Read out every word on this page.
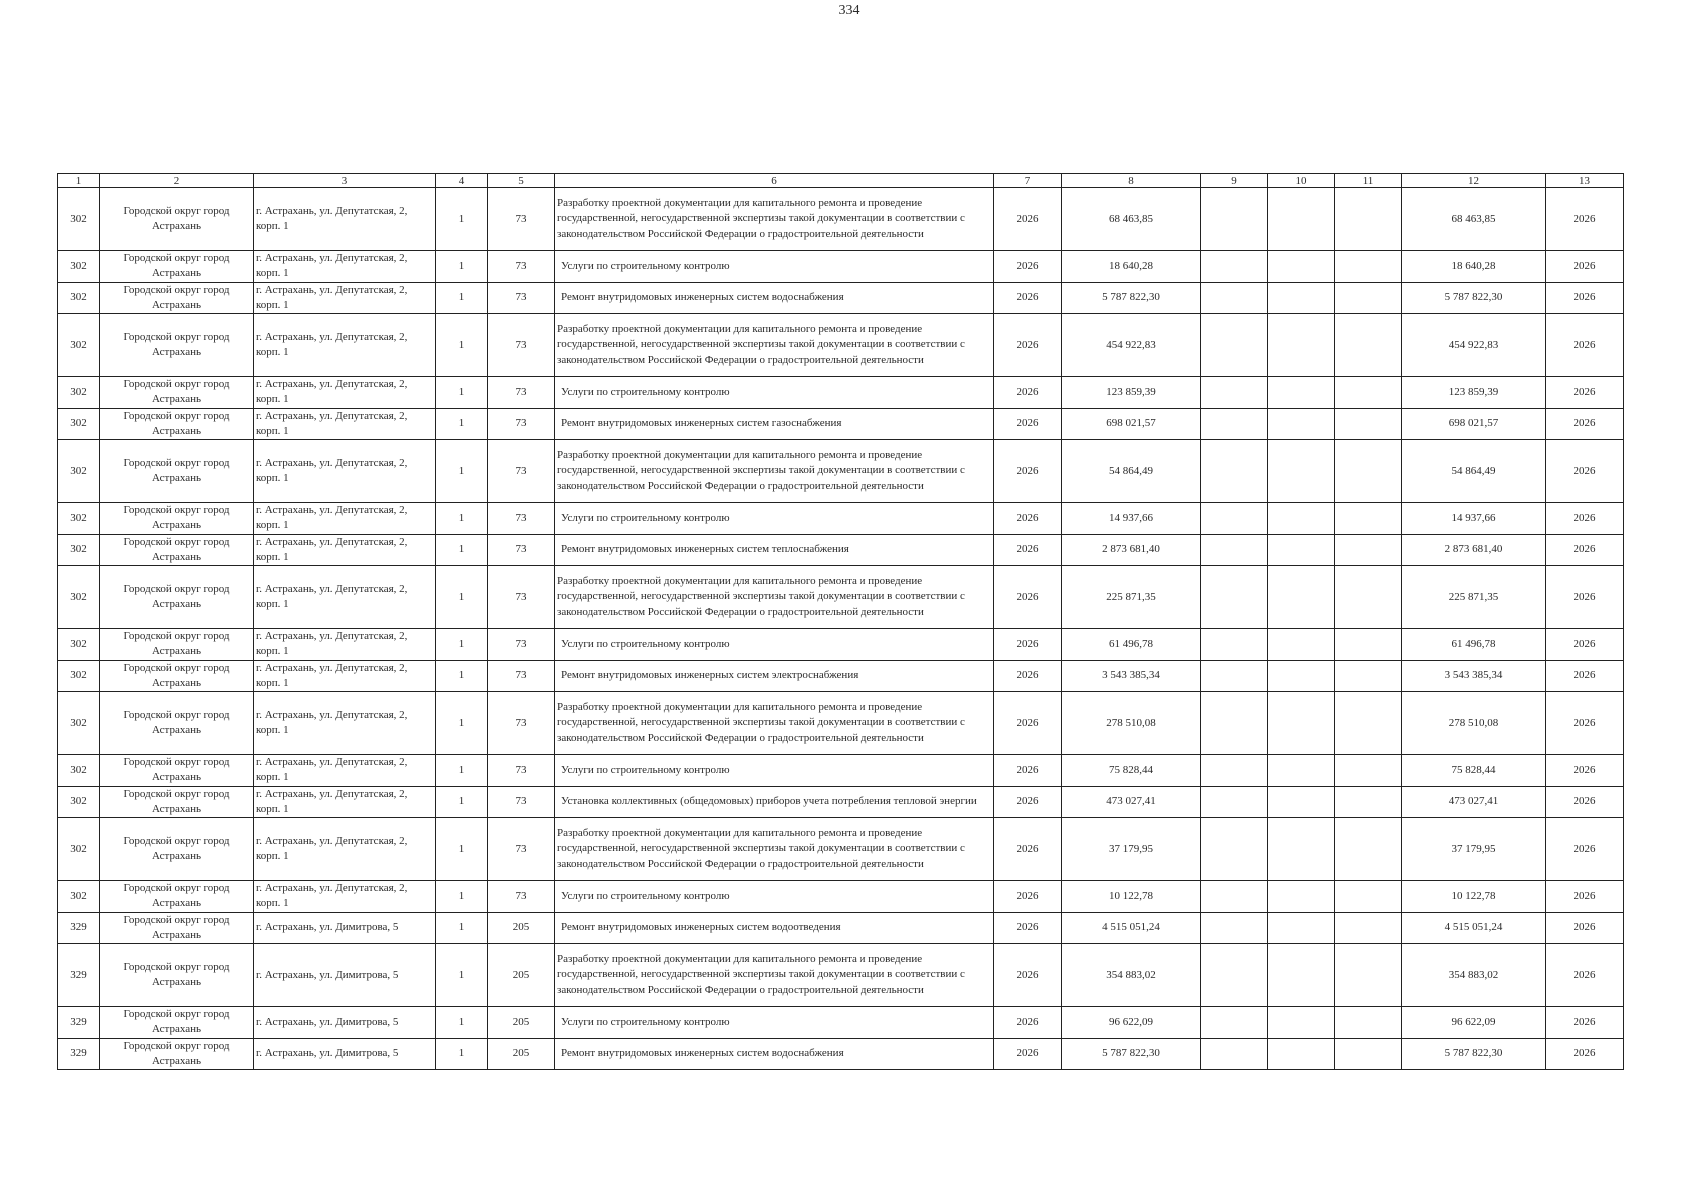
334
1	2	3	4	5	6	7	8	9	10	11	12	13
302	Городской округ город Астрахань	г. Астрахань, ул. Депутатская, 2, корп. 1	1	73	Разработку проектной документации для капитального ремонта и проведение государственной, негосударственной экспертизы такой документации в соответствии с законодательством Российской Федерации о градостроительной деятельности	2026	68 463,85				68 463,85	2026
302	Городской округ город Астрахань	г. Астрахань, ул. Депутатская, 2, корп. 1	1	73	Услуги по строительному контролю	2026	18 640,28				18 640,28	2026
302	Городской округ город Астрахань	г. Астрахань, ул. Депутатская, 2, корп. 1	1	73	Ремонт внутридомовых инженерных систем водоснабжения	2026	5 787 822,30				5 787 822,30	2026
302	Городской округ город Астрахань	г. Астрахань, ул. Депутатская, 2, корп. 1	1	73	Разработку проектной документации для капитального ремонта и проведение государственной, негосударственной экспертизы такой документации в соответствии с законодательством Российской Федерации о градостроительной деятельности	2026	454 922,83				454 922,83	2026
302	Городской округ город Астрахань	г. Астрахань, ул. Депутатская, 2, корп. 1	1	73	Услуги по строительному контролю	2026	123 859,39				123 859,39	2026
302	Городской округ город Астрахань	г. Астрахань, ул. Депутатская, 2, корп. 1	1	73	Ремонт внутридомовых инженерных систем газоснабжения	2026	698 021,57				698 021,57	2026
302	Городской округ город Астрахань	г. Астрахань, ул. Депутатская, 2, корп. 1	1	73	Разработку проектной документации для капитального ремонта и проведение государственной, негосударственной экспертизы такой документации в соответствии с законодательством Российской Федерации о градостроительной деятельности	2026	54 864,49				54 864,49	2026
302	Городской округ город Астрахань	г. Астрахань, ул. Депутатская, 2, корп. 1	1	73	Услуги по строительному контролю	2026	14 937,66				14 937,66	2026
302	Городской округ город Астрахань	г. Астрахань, ул. Депутатская, 2, корп. 1	1	73	Ремонт внутридомовых инженерных систем теплоснабжения	2026	2 873 681,40				2 873 681,40	2026
302	Городской округ город Астрахань	г. Астрахань, ул. Депутатская, 2, корп. 1	1	73	Разработку проектной документации для капитального ремонта и проведение государственной, негосударственной экспертизы такой документации в соответствии с законодательством Российской Федерации о градостроительной деятельности	2026	225 871,35				225 871,35	2026
302	Городской округ город Астрахань	г. Астрахань, ул. Депутатская, 2, корп. 1	1	73	Услуги по строительному контролю	2026	61 496,78				61 496,78	2026
302	Городской округ город Астрахань	г. Астрахань, ул. Депутатская, 2, корп. 1	1	73	Ремонт внутридомовых инженерных систем электроснабжения	2026	3 543 385,34				3 543 385,34	2026
302	Городской округ город Астрахань	г. Астрахань, ул. Депутатская, 2, корп. 1	1	73	Разработку проектной документации для капитального ремонта и проведение государственной, негосударственной экспертизы такой документации в соответствии с законодательством Российской Федерации о градостроительной деятельности	2026	278 510,08				278 510,08	2026
302	Городской округ город Астрахань	г. Астрахань, ул. Депутатская, 2, корп. 1	1	73	Услуги по строительному контролю	2026	75 828,44				75 828,44	2026
302	Городской округ город Астрахань	г. Астрахань, ул. Депутатская, 2, корп. 1	1	73	Установка коллективных (общедомовых) приборов учета потребления тепловой энергии	2026	473 027,41				473 027,41	2026
302	Городской округ город Астрахань	г. Астрахань, ул. Депутатская, 2, корп. 1	1	73	Разработку проектной документации для капитального ремонта и проведение государственной, негосударственной экспертизы такой документации в соответствии с законодательством Российской Федерации о градостроительной деятельности	2026	37 179,95				37 179,95	2026
302	Городской округ город Астрахань	г. Астрахань, ул. Депутатская, 2, корп. 1	1	73	Услуги по строительному контролю	2026	10 122,78				10 122,78	2026
329	Городской округ город Астрахань	г. Астрахань, ул. Димитрова, 5	1	205	Ремонт внутридомовых инженерных систем водоотведения	2026	4 515 051,24				4 515 051,24	2026
329	Городской округ город Астрахань	г. Астрахань, ул. Димитрова, 5	1	205	Разработку проектной документации для капитального ремонта и проведение государственной, негосударственной экспертизы такой документации в соответствии с законодательством Российской Федерации о градостроительной деятельности	2026	354 883,02				354 883,02	2026
329	Городской округ город Астрахань	г. Астрахань, ул. Димитрова, 5	1	205	Услуги по строительному контролю	2026	96 622,09				96 622,09	2026
329	Городской округ город Астрахань	г. Астрахань, ул. Димитрова, 5	1	205	Ремонт внутридомовых инженерных систем водоснабжения	2026	5 787 822,30				5 787 822,30	2026
